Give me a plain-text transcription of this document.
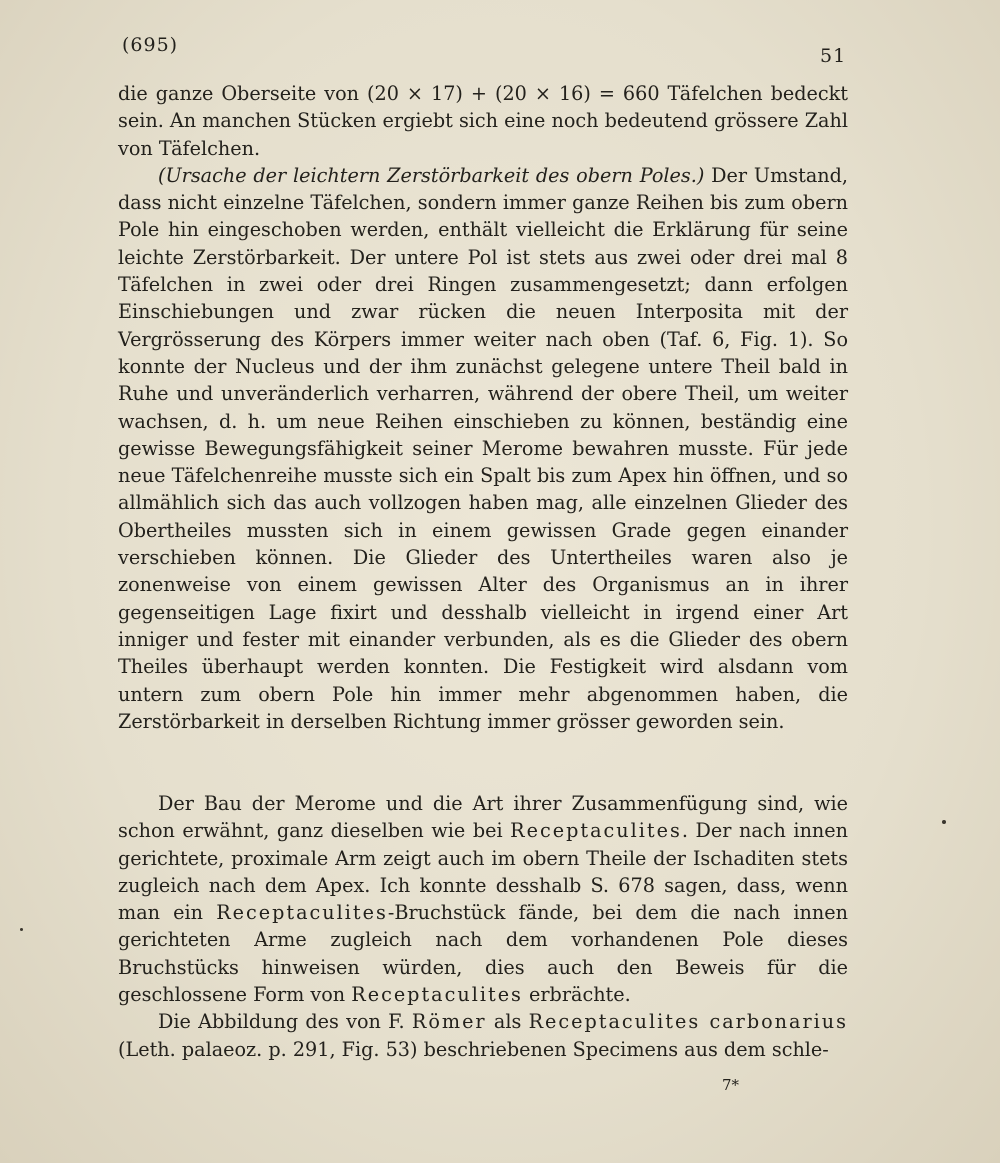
(695)	51

die ganze Oberseite von (20 × 17) + (20 × 16) = 660 Täfelchen bedeckt sein. An manchen Stücken ergiebt sich eine noch bedeutend grössere Zahl von Täfelchen.

(Ursache der leichtern Zerstörbarkeit des obern Poles.) Der Umstand, dass nicht einzelne Täfelchen, sondern immer ganze Reihen bis zum obern Pole hin eingeschoben werden, enthält vielleicht die Erklärung für seine leichte Zerstörbarkeit. Der untere Pol ist stets aus zwei oder drei mal 8 Täfelchen in zwei oder drei Ringen zusammengesetzt; dann erfolgen Einschiebungen und zwar rücken die neuen Interposita mit der Vergrösserung des Körpers immer weiter nach oben (Taf. 6, Fig. 1). So konnte der Nucleus und der ihm zunächst gelegene untere Theil bald in Ruhe und unveränderlich verharren, während der obere Theil, um weiter wachsen, d. h. um neue Reihen einschieben zu können, beständig eine gewisse Bewegungsfähigkeit seiner Merome bewahren musste. Für jede neue Täfelchenreihe musste sich ein Spalt bis zum Apex hin öffnen, und so allmählich sich das auch vollzogen haben mag, alle einzelnen Glieder des Obertheiles mussten sich in einem gewissen Grade gegen einander verschieben können. Die Glieder des Untertheiles waren also je zonenweise von einem gewissen Alter des Organismus an in ihrer gegenseitigen Lage fixirt und desshalb vielleicht in irgend einer Art inniger und fester mit einander verbunden, als es die Glieder des obern Theiles überhaupt werden konnten. Die Festigkeit wird alsdann vom untern zum obern Pole hin immer mehr abgenommen haben, die Zerstörbarkeit in derselben Richtung immer grösser geworden sein.

Der Bau der Merome und die Art ihrer Zusammenfügung sind, wie schon erwähnt, ganz dieselben wie bei Receptaculites. Der nach innen gerichtete, proximale Arm zeigt auch im obern Theile der Ischaditen stets zugleich nach dem Apex. Ich konnte desshalb S. 678 sagen, dass, wenn man ein Receptaculites-Bruchstück fände, bei dem die nach innen gerichteten Arme zugleich nach dem vorhandenen Pole dieses Bruchstücks hinweisen würden, dies auch den Beweis für die geschlossene Form von Receptaculites erbrächte.

Die Abbildung des von F. Römer als Receptaculites carbonarius (Leth. palaeoz. p. 291, Fig. 53) beschriebenen Specimens aus dem schle-

7*
